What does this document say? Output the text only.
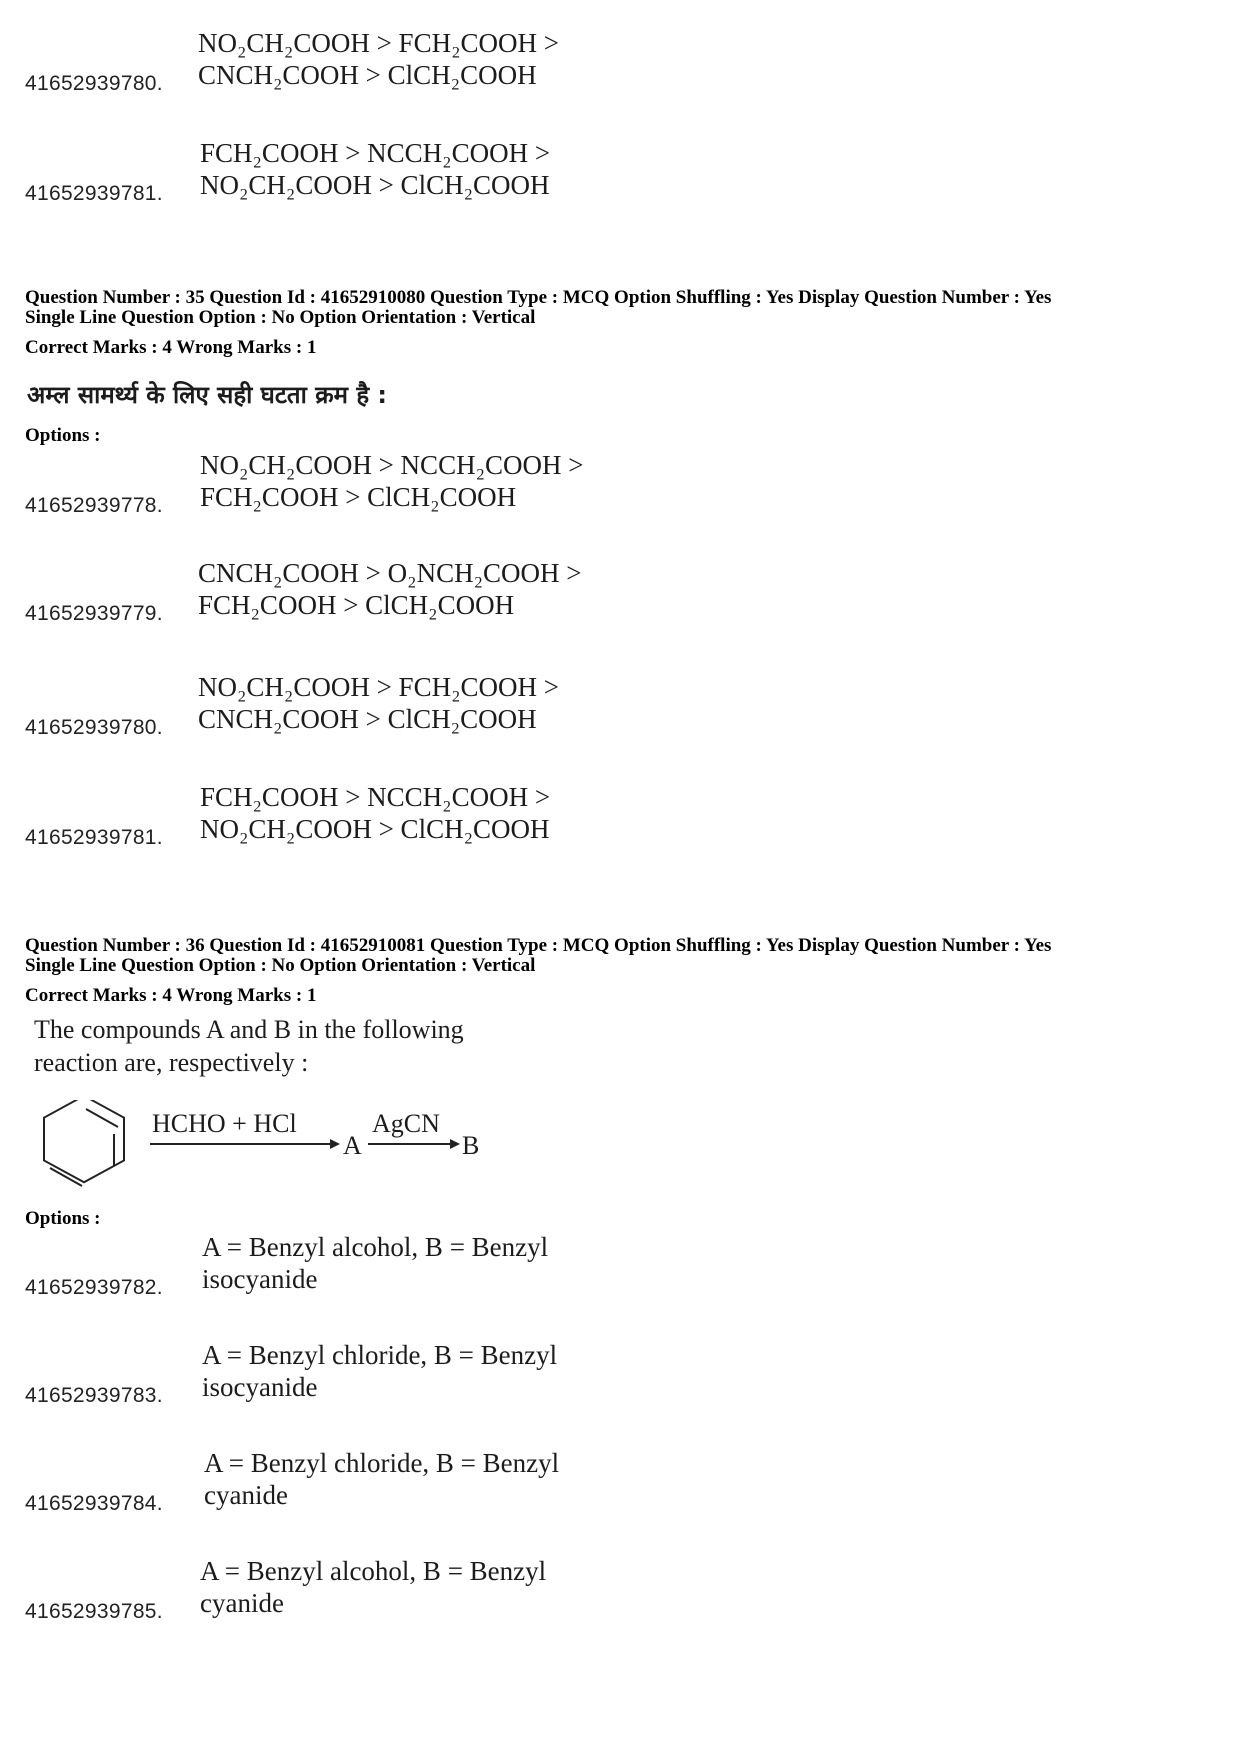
41652939780.
NO₂CH₂COOH > FCH₂COOH >
CNCH₂COOH > ClCH₂COOH
41652939781.
FCH₂COOH > NCCH₂COOH >
NO₂CH₂COOH > ClCH₂COOH
Question Number : 35 Question Id : 41652910080 Question Type : MCQ Option Shuffling : Yes Display Question Number : Yes
Single Line Question Option : No Option Orientation : Vertical
Correct Marks : 4 Wrong Marks : 1
अम्ल सामर्थ्य के लिए सही घटता क्रम है :
Options :
41652939778.
NO₂CH₂COOH > NCCH₂COOH >
FCH₂COOH > ClCH₂COOH
41652939779.
CNCH₂COOH > O₂NCH₂COOH >
FCH₂COOH > ClCH₂COOH
41652939780.
NO₂CH₂COOH > FCH₂COOH >
CNCH₂COOH > ClCH₂COOH
41652939781.
FCH₂COOH > NCCH₂COOH >
NO₂CH₂COOH > ClCH₂COOH
Question Number : 36 Question Id : 41652910081 Question Type : MCQ Option Shuffling : Yes Display Question Number : Yes
Single Line Question Option : No Option Orientation : Vertical
Correct Marks : 4 Wrong Marks : 1
The compounds A and B in the following
reaction are, respectively :
HCHO + HCl
A
AgCN
B
Options :
41652939782.
A = Benzyl alcohol, B = Benzyl
isocyanide
41652939783.
A = Benzyl chloride, B = Benzyl
isocyanide
41652939784.
A = Benzyl chloride, B = Benzyl
cyanide
41652939785.
A = Benzyl alcohol, B = Benzyl
cyanide
